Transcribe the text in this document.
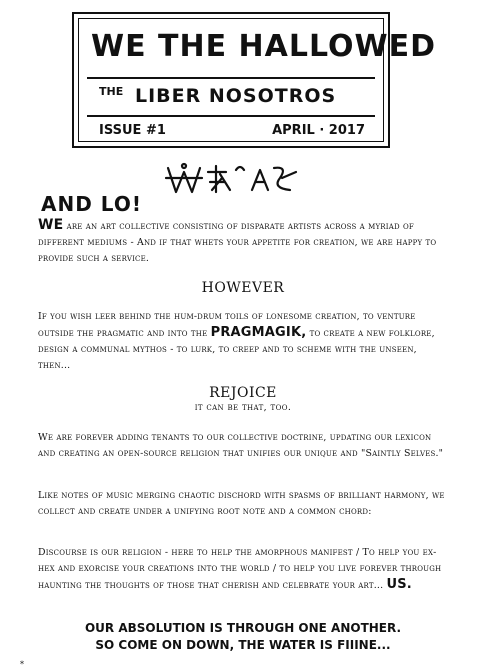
WE THE HALLOWED
THE LIBER NOSOTROS
ISSUE #1	APRIL · 2017
AND LO!
WE are an art collective consisting of disparate artists across a myriad of different mediums - And if that whets your appetite for creation, we are happy to provide such a service.
HOWEVER
If you wish leer behind the hum-drum toils of lonesome creation, to venture outside the pragmatic and into the PRAGMAGIK, to create a new folklore, design a communal mythos - to lurk, to creep and to scheme with the unseen, then...
REJOICE
it can be that, too.
We are forever adding tenants to our collective doctrine, updating our lexicon and creating an open-source religion that unifies our unique and "Saintly Selves."
Like notes of music merging chaotic dischord with spasms of brilliant harmony, we collect and create under a unifying root note and a common chord:
Discourse is our religion - here to help the amorphous manifest / To help you ex-hex and exorcise your creations into the world / to help you live forever through haunting the thoughts of those that cherish and celebrate your art... US.
OUR ABSOLUTION IS THROUGH ONE ANOTHER.
SO COME ON DOWN, THE WATER IS FIIINE...
*
